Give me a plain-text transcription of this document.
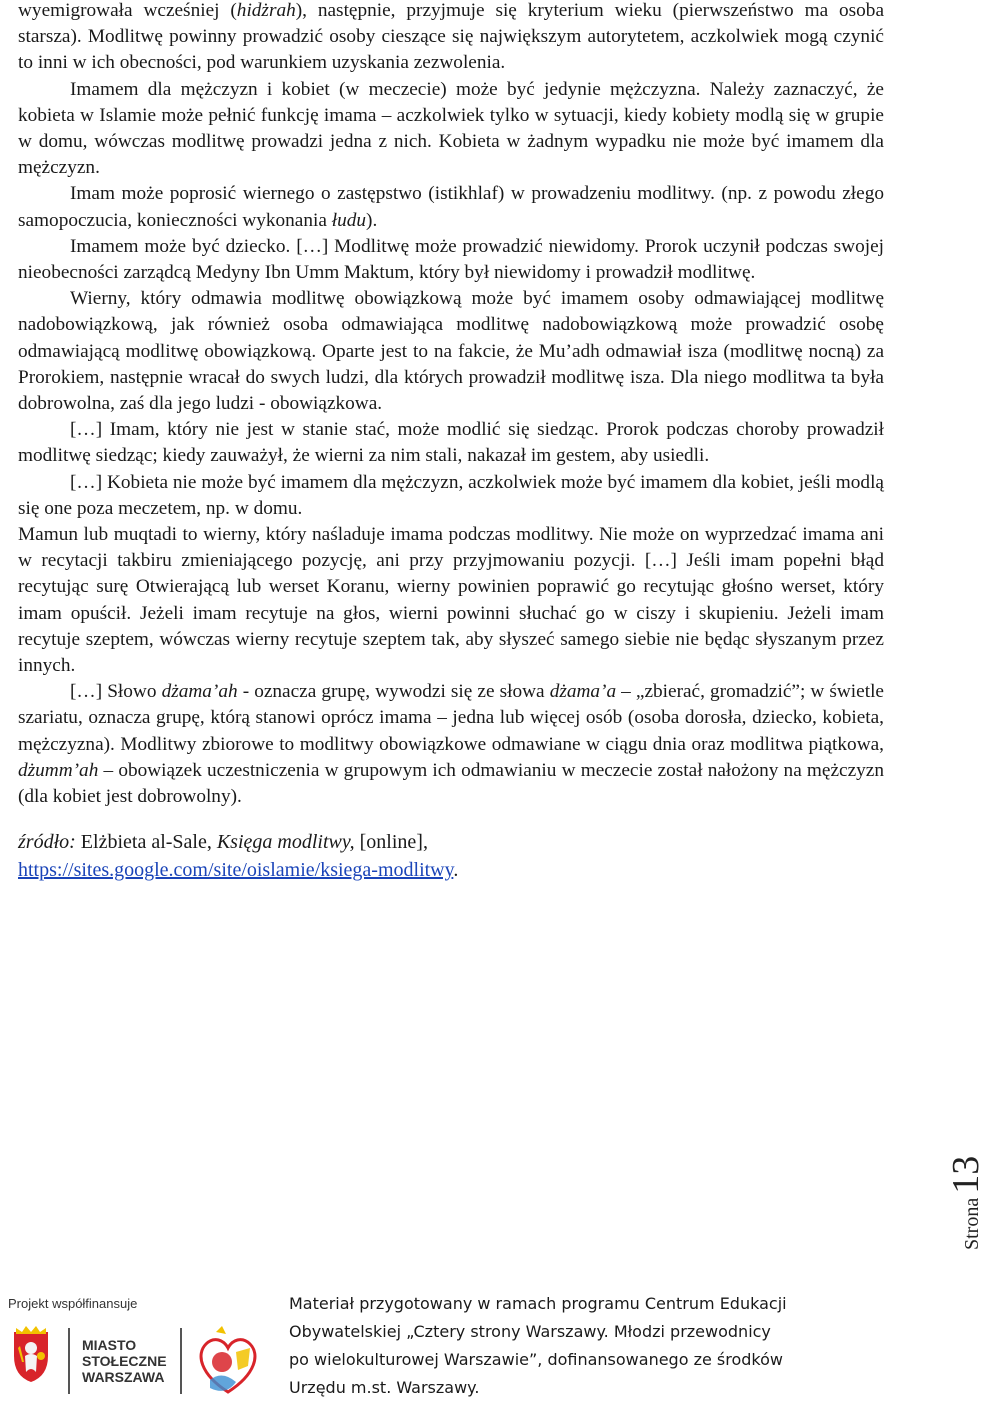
wyemigrowała wcześniej (hidżrah), następnie, przyjmuje się kryterium wieku (pierwszeństwo ma osoba starsza). Modlitwę powinny prowadzić osoby cieszące się największym autorytetem, aczkolwiek mogą czynić to inni w ich obecności, pod warunkiem uzyskania zezwolenia.

Imamem dla mężczyzn i kobiet (w meczecie) może być jedynie mężczyzna. Należy zaznaczyć, że kobieta w Islamie może pełnić funkcję imama – aczkolwiek tylko w sytuacji, kiedy kobiety modlą się w grupie w domu, wówczas modlitwę prowadzi jedna z nich. Kobieta w żadnym wypadku nie może być imamem dla mężczyzn.

Imam może poprosić wiernego o zastępstwo (istikhlaf) w prowadzeniu modlitwy. (np. z powodu złego samopoczucia, konieczności wykonania łudu).

Imamem może być dziecko. […] Modlitwę może prowadzić niewidomy. Prorok uczynił podczas swojej nieobecności zarządcą Medyny Ibn Umm Maktum, który był niewidomy i prowadził modlitwę.

Wierny, który odmawia modlitwę obowiązkową może być imamem osoby odmawiającej modlitwę nadobowiązkową, jak również osoba odmawiająca modlitwę nadobowiązkową może prowadzić osobę odmawiającą modlitwę obowiązkową. Oparte jest to na fakcie, że Mu’adh odmawiał isza (modlitwę nocną) za Prorokiem, następnie wracał do swych ludzi, dla których prowadził modlitwę isza. Dla niego modlitwa ta była dobrowolna, zaś dla jego ludzi - obowiązkowa.

[…] Imam, który nie jest w stanie stać, może modlić się siedząc. Prorok podczas choroby prowadził modlitwę siedząc; kiedy zauważył, że wierni za nim stali, nakazał im gestem, aby usiedli.

[…] Kobieta nie może być imamem dla mężczyzn, aczkolwiek może być imamem dla kobiet, jeśli modlą się one poza meczetem, np. w domu.

Mamun lub muqtadi to wierny, który naśladuje imama podczas modlitwy. Nie może on wyprzedzać imama ani w recytacji takbiru zmieniającego pozycję, ani przy przyjmowaniu pozycji. […] Jeśli imam popełni błąd recytując surę Otwierającą lub werset Koranu, wierny powinien poprawić go recytując głośno werset, który imam opuścił. Jeżeli imam recytuje na głos, wierni powinni słuchać go w ciszy i skupieniu. Jeżeli imam recytuje szeptem, wówczas wierny recytuje szeptem tak, aby słyszeć samego siebie nie będąc słyszanym przez innych.

[…] Słowo dżama’ah - oznacza grupę, wywodzi się ze słowa dżama’a – „zbierać, gromadzić”; w świetle szariatu, oznacza grupę, którą stanowi oprócz imama – jedna lub więcej osób (osoba dorosła, dziecko, kobieta, mężczyzna). Modlitwy zbiorowe to modlitwy obowiązkowe odmawiane w ciągu dnia oraz modlitwa piątkowa, dżumm’ah – obowiązek uczestniczenia w grupowym ich odmawianiu w meczecie został nałożony na mężczyzn (dla kobiet jest dobrowolny).

źródło: Elżbieta al-Sale, Księga modlitwy, [online],
https://sites.google.com/site/oislamie/ksiega-modlitwy.

Strona13
Projekt współfinansuje
MIASTO
STOŁECZNE
WARSZAWA
Materiał przygotowany w ramach programu Centrum Edukacji
Obywatelskiej „Cztery strony Warszawy. Młodzi przewodnicy
po wielokulturowej Warszawie”, dofinansowanego ze środków
Urzędu m.st. Warszawy.
